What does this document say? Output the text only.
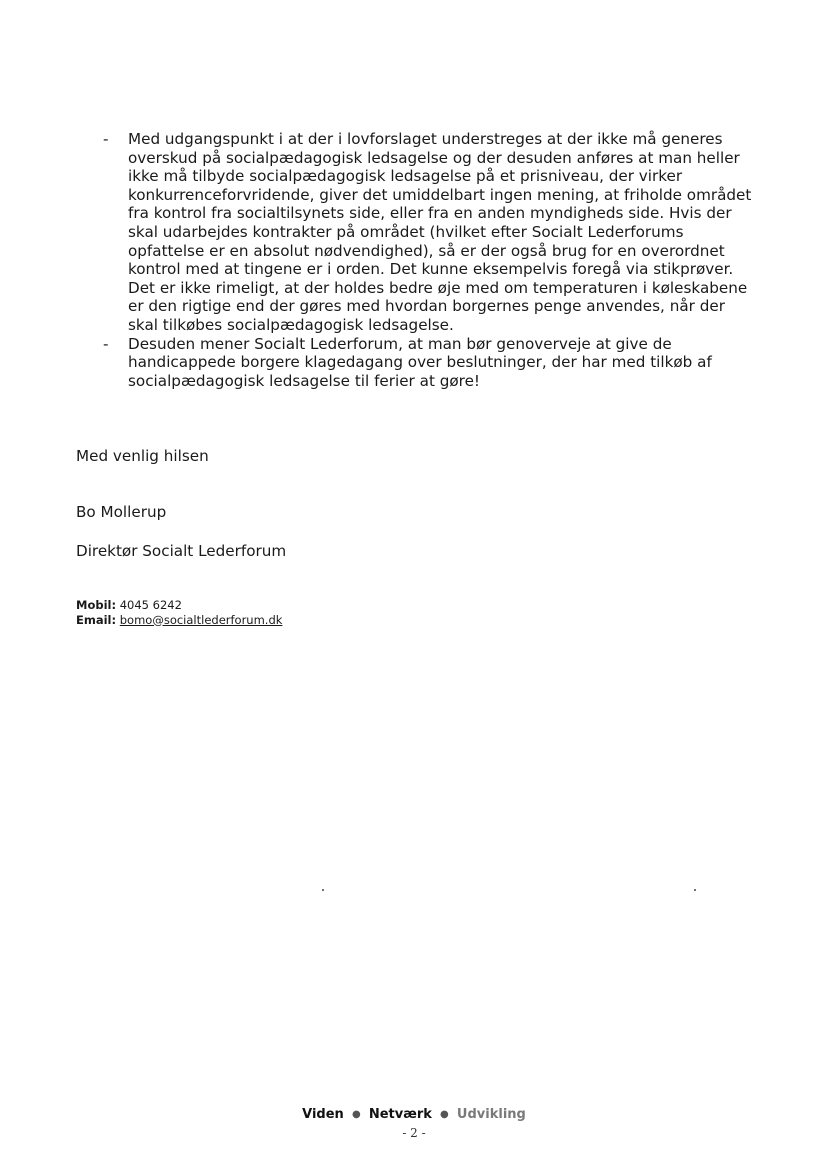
-	Med udgangspunkt i at der i lovforslaget understreges at der ikke må generes overskud på socialpædagogisk ledsagelse og der desuden anføres at man heller ikke må tilbyde socialpædagogisk ledsagelse på et prisniveau, der virker konkurrenceforvridende, giver det umiddelbart ingen mening, at friholde området fra kontrol fra socialtilsynets side, eller fra en anden myndigheds side. Hvis der skal udarbejdes kontrakter på området (hvilket efter Socialt Lederforums opfattelse er en absolut nødvendighed), så er der også brug for en overordnet kontrol med at tingene er i orden. Det kunne eksempelvis foregå via stikprøver. Det er ikke rimeligt, at der holdes bedre øje med om temperaturen i køleskabene er den rigtige end der gøres med hvordan borgernes penge anvendes, når der skal tilkøbes socialpædagogisk ledsagelse.
-	Desuden mener Socialt Lederforum, at man bør genoverveje at give de handicappede borgere klagedagang over beslutninger, der har med tilkøb af socialpædagogisk ledsagelse til ferier at gøre!
Med venlig hilsen
Bo Mollerup
Direktør Socialt Lederforum
Mobil: 4045 6242
Email: bomo@socialtlederforum.dk
Viden ● Netværk ● Udvikling
- 2 -
